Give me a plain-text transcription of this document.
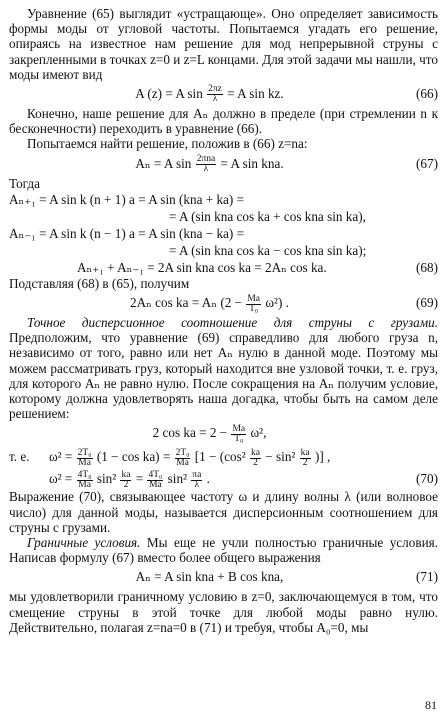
Уравнение (65) выглядит «устращающе». Оно определяет зависимость формы моды от угловой частоты. Попытаемся угадать его решение, опираясь на известное нам решение для мод непрерывной струны с закрепленными в точках z=0 и z=L концами. Для этой задачи мы нашли, что моды имеют вид

A (z) = A $\sin \frac{2\pi z}{\lambda} = A$ sin kz.	(66)

Конечно, наше решение для Aₙ должно в пределе (при стремлении n к бесконечности) переходить в уравнение (66).

Попытаемся найти решение, положив в (66) z=na:

Aₙ = A $\sin \frac{\text{2πna}}{\lambda} = A$ sin kna.	(67)

Тогда

Aₙ₊₁ = A sin k (n + 1) a = A sin (kna + ka) =
= A (sin kna cos ka + cos kna sin ka),
Aₙ₋₁ = A sin k (n − 1) a = A sin (kna − ka) =
= A (sin kna cos ka − cos kna sin ka);
Aₙ₊₁ + Aₙ₋₁ = 2A sin kna cos ka = 2Aₙ cos ka.	(68)

Подставляя (68) в (65), получим

2Aₙ cos ka = Aₙ $(2 - \frac{Ma}{\text{T₀}} \omega^2)$ .	(69)

Точное дисперсионное соотношение для струны с грузами. Предположим, что уравнение (69) справедливо для любого груза n, независимо от того, равно или нет Aₙ нулю в данной моде. Поэтому мы можем рассматривать груз, который находится вне узловой точки, т. е. груз, для которого Aₙ не равно нулю. После сокращения на Aₙ получим условие, которому должна удовлетворять наша догадка, чтобы быть на самом деле решением:

2 cos ka = $2 - \frac{Ma}{\text{T₀}} \omega^2$,
т. е. $\omega^2 = \frac{\text{2T₀}}{Ma} (1 - \cos ka) = \frac{\text{2T₀}}{Ma} [1 - (\cos^2 \frac{ka}{2} - \sin^2 \frac{ka}{2}$ )] ,
$\omega^2 = \frac{\text{4T₀}}{Ma} \sin^2 \frac{ka}{2} = \frac{\text{4T₀}}{Ma} \sin^2 \frac{\pi a}{\lambda}$ .	(70)

Выражение (70), связывающее частоту ω и длину волны λ (или волновое число) для данной моды, называется дисперсионным соотношением для струны с грузами.

Граничные условия. Мы еще не учли полностью граничные условия. Написав формулу (67) вместо более общего выражения

Aₙ = A sin kna + B cos kna,	(71)

мы удовлетворили граничному условию в z=0, заключающемуся в том, что смещение струны в этой точке для любой моды равно нулю. Действительно, полагая z=na=0 в (71) и требуя, чтобы A₀=0, мы

81
